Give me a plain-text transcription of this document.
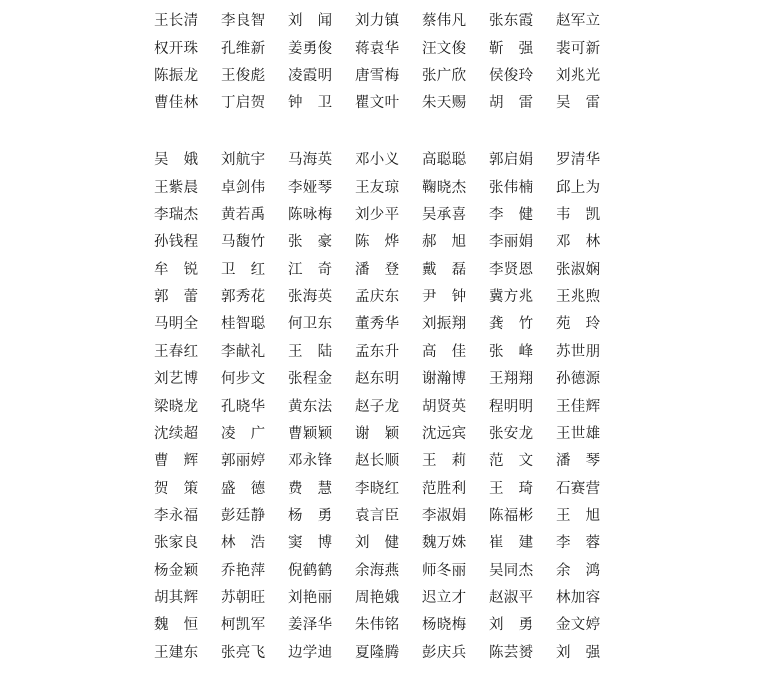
王长清	李良智	刘　闻	刘力镇	蔡伟凡	张东霞	赵军立
权开珠	孔维新	姜勇俊	蒋袁华	汪文俊	靳　强	裴可新
陈振龙	王俊彪	凌霞明	唐雪梅	张广欣	侯俊玲	刘兆光
曹佳林	丁启贺	钟　卫	瞿文叶	朱天赐	胡　雷	吴　雷
吴　娥	刘航宇	马海英	邓小义	高聪聪	郭启娟	罗清华
王紫晨	卓剑伟	李娅琴	王友琼	鞠晓杰	张伟楠	邱上为
李瑞杰	黄若禹	陈咏梅	刘少平	吴承喜	李　健	韦　凯
孙钱程	马馥竹	张　豪	陈　烨	郝　旭	李丽娟	邓　林
牟　锐	卫　红	江　奇	潘　登	戴　磊	李贤恩	张淑娴
郭　蕾	郭秀花	张海英	孟庆东	尹　钟	冀方兆	王兆煦
马明全	桂智聪	何卫东	董秀华	刘振翔	龚　竹	苑　玲
王春红	李献礼	王　陆	孟东升	高　佳	张　峰	苏世朋
刘艺博	何步文	张程金	赵东明	谢瀚博	王翔翔	孙德源
梁晓龙	孔晓华	黄东法	赵子龙	胡贤英	程明明	王佳辉
沈续超	凌　广	曹颖颖	谢　颖	沈远宾	张安龙	王世雄
曹　辉	郭丽婷	邓永锋	赵长顺	王　莉	范　文	潘　琴
贺　策	盛　德	费　慧	李晓红	范胜利	王　琦	石赛营
李永福	彭廷静	杨　勇	袁言臣	李淑娟	陈福彬	王　旭
张家良	林　浩	窦　博	刘　健	魏万姝	崔　建	李　蓉
杨金颖	乔艳萍	倪鹤鹤	余海燕	师冬丽	吴同杰	余　鸿
胡其辉	苏朝旺	刘艳丽	周艳娥	迟立才	赵淑平	林加容
魏　恒	柯凯军	姜泽华	朱伟铭	杨晓梅	刘　勇	金文婷
王建东	张亮飞	边学迪	夏隆腾	彭庆兵	陈芸赟	刘　强
